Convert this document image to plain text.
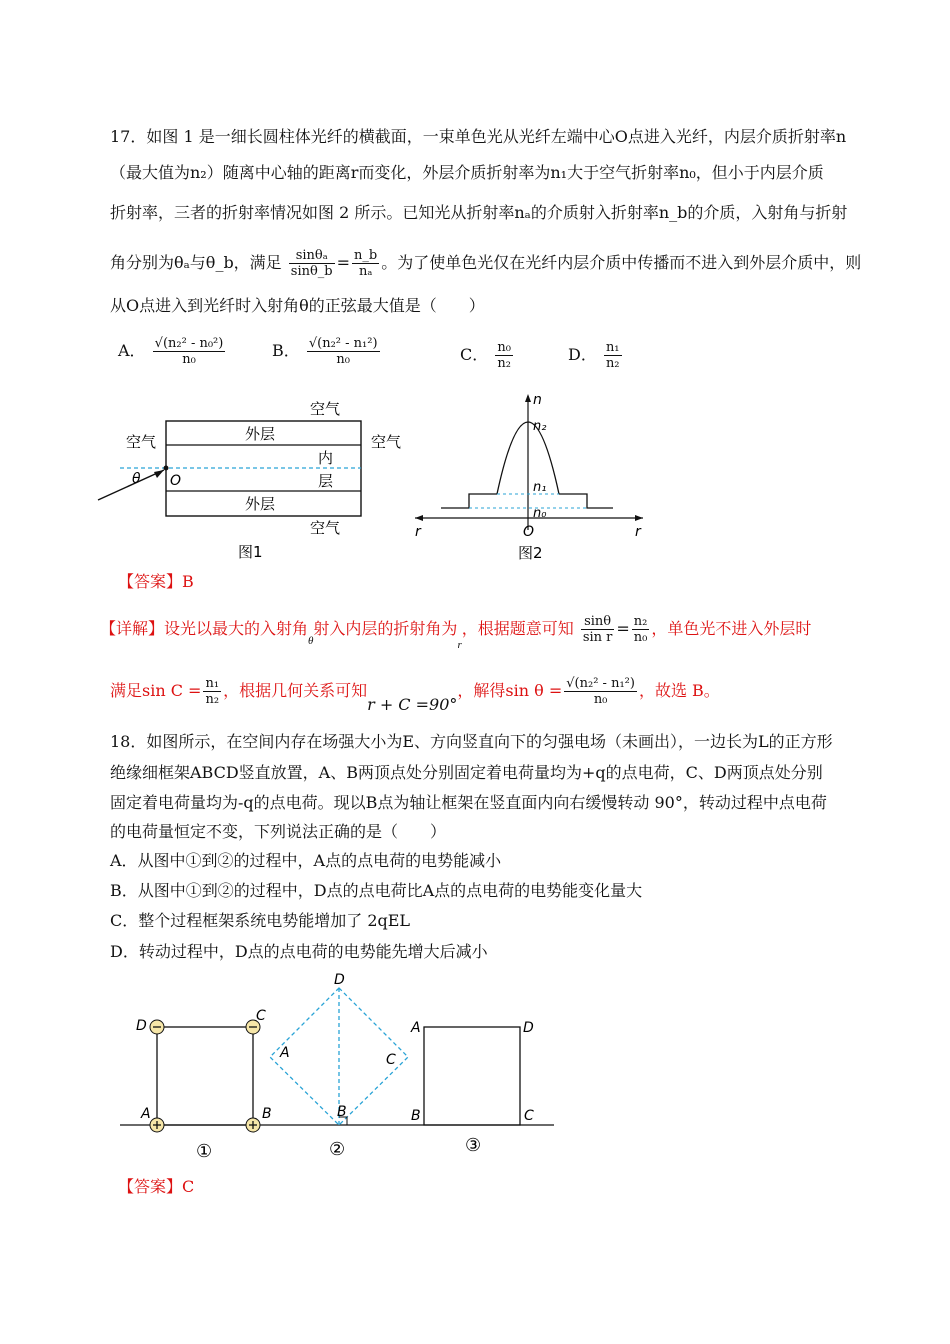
17．如图 1 是一细长圆柱体光纤的横截面，一束单色光从光纤左端中心O点进入光纤，内层介质折射率n
（最大值为n₂）随离中心轴的距离r而变化，外层介质折射率为n₁大于空气折射率n₀，但小于内层介质
折射率，三者的折射率情况如图 2 所示。已知光从折射率nₐ的介质射入折射率n_b的介质，入射角与折射
角分别为θₐ与θ_b，满足 $\frac{\text{sinθₐ}}{\sin\theta\_b} = \frac{n\_b}{\text{nₐ}}$ 。为了使单色光仅在光纤内层介质中传播而不进入到外层介质中，则
从O点进入到光纤时入射角θ的正弦最大值是（　　）
A． $\frac{\text{√(n₂² - n₀²)}}{\text{n₀}}$	B． $\frac{\text{√(n₂² - n₁²)}}{\text{n₀}}$	C． $\frac{\text{n₀}}{\text{n₂}}$	D． $\frac{\text{n₁}}{\text{n₂}}$
空气
空气	空气
空气
外层
外层
内
层
θ O
图1
n
n₂
n₁
n₀
r	r
O
图2
【答案】B
【详解】设光以最大的入射角$_\theta$射入内层的折射角为$_r$，根据题意可知 $\frac{\sin\theta}{\text{sin r}} = \frac{\text{n₂}}{\text{n₀}}$ ，单色光不进入外层时
满足$\sin C = \frac{\text{n₁}}{\text{n₂}}$ ，根据几何关系可知r + C =90°，解得$\sin \theta = \frac{\text{√(n₂² - n₁²)}}{\text{n₀}}$ ，故选 B。
18．如图所示，在空间内存在场强大小为E、方向竖直向下的匀强电场（未画出），一边长为L的正方形
绝缘细框架ABCD竖直放置，A、B两顶点处分别固定着电荷量均为+q的点电荷，C、D两顶点处分别
固定着电荷量均为-q的点电荷。现以B点为轴让框架在竖直面内向右缓慢转动 90°，转动过程中点电荷
的电荷量恒定不变，下列说法正确的是（　　）
A．从图中①到②的过程中，A点的点电荷的电势能减小
B．从图中①到②的过程中，D点的点电荷比A点的点电荷的电势能变化量大
C．整个过程框架系统电势能增加了 2qEL
D．转动过程中，D点的点电荷的电势能先增大后减小
D
C
A	B
①
D
A	C
B
②
A	D
B	C
③
【答案】C
